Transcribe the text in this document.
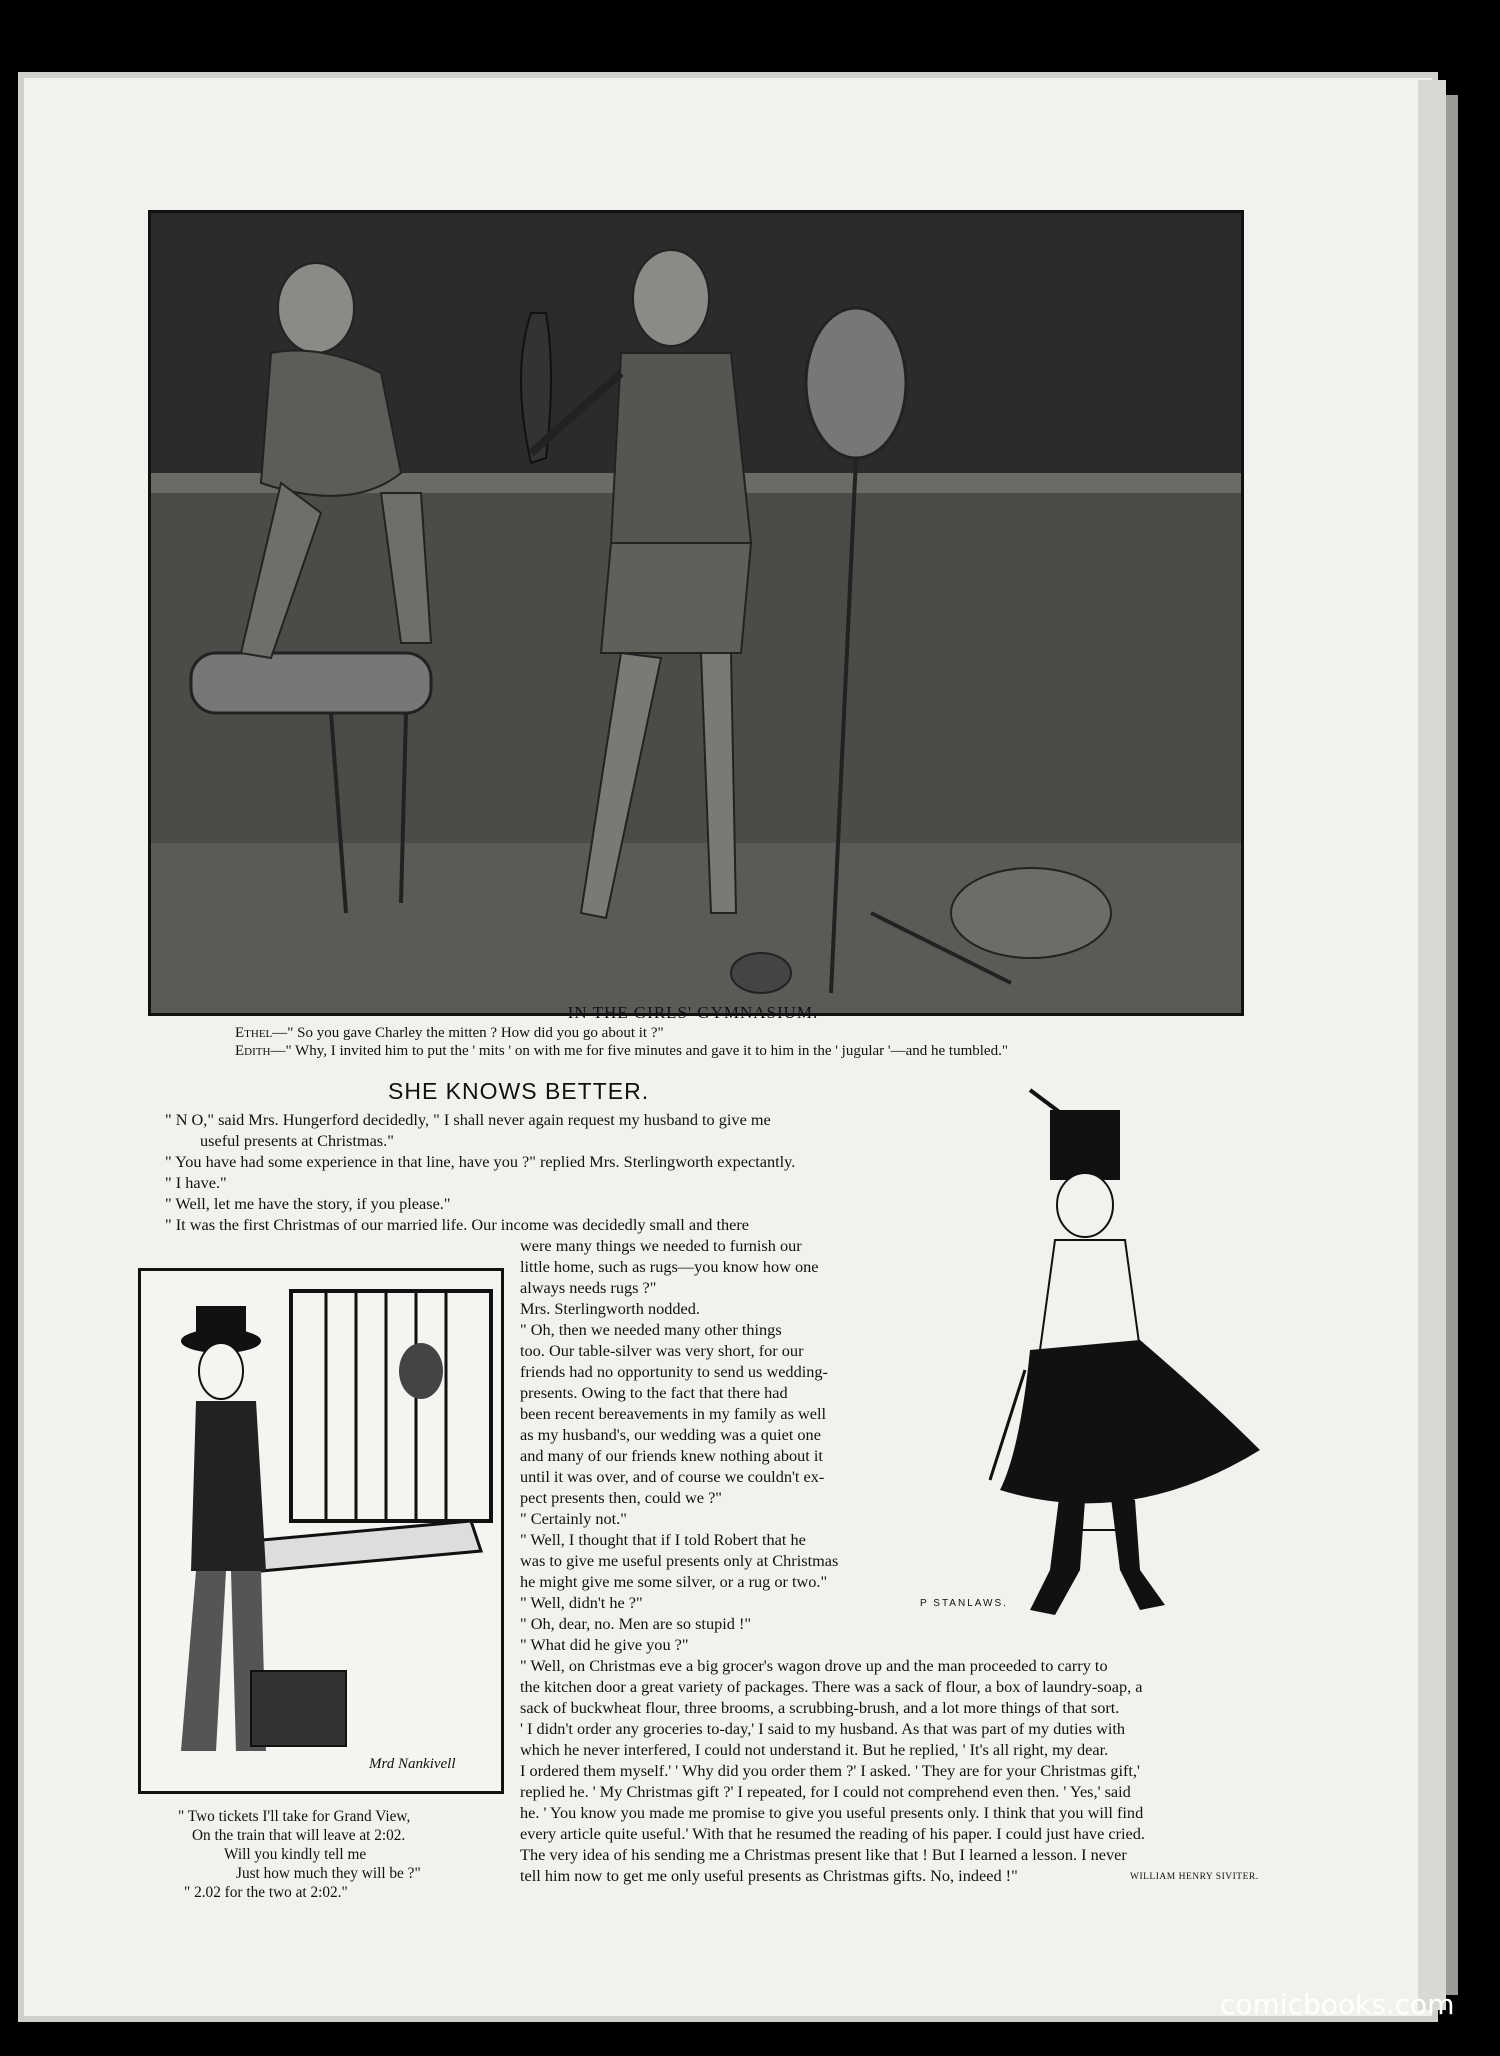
IN THE GIRLS' GYMNASIUM.
Ethel—" So you gave Charley the mitten ? How did you go about it ?"
Edith—" Why, I invited him to put the ' mits ' on with me for five minutes and gave it to him in the ' jugular '—and he tumbled."
SHE KNOWS BETTER.
" N O," said Mrs. Hungerford decidedly, " I shall never again request my husband to give me
useful presents at Christmas."
" You have had some experience in that line, have you ?" replied Mrs. Sterlingworth expectantly.
" I have."
" Well, let me have the story, if you please."
" It was the first Christmas of our married life. Our income was decidedly small and there
were many things we needed to furnish our
little home, such as rugs—you know how one
always needs rugs ?"
Mrs. Sterlingworth nodded.
" Oh, then we needed many other things
too. Our table-silver was very short, for our
friends had no opportunity to send us wedding-
presents. Owing to the fact that there had
been recent bereavements in my family as well
as my husband's, our wedding was a quiet one
and many of our friends knew nothing about it
until it was over, and of course we couldn't ex-
pect presents then, could we ?"
" Certainly not."
" Well, I thought that if I told Robert that he
was to give me useful presents only at Christmas
he might give me some silver, or a rug or two."
" Well, didn't he ?"
" Oh, dear, no. Men are so stupid !"
" What did he give you ?"
" Well, on Christmas eve a big grocer's wagon drove up and the man proceeded to carry to
the kitchen door a great variety of packages. There was a sack of flour, a box of laundry-soap, a
sack of buckwheat flour, three brooms, a scrubbing-brush, and a lot more things of that sort.
' I didn't order any groceries to-day,' I said to my husband. As that was part of my duties with
which he never interfered, I could not understand it. But he replied, ' It's all right, my dear.
I ordered them myself.' ' Why did you order them ?' I asked. ' They are for your Christmas gift,'
replied he. ' My Christmas gift ?' I repeated, for I could not comprehend even then. ' Yes,' said
he. ' You know you made me promise to give you useful presents only. I think that you will find
every article quite useful.' With that he resumed the reading of his paper. I could just have cried.
The very idea of his sending me a Christmas present like that ! But I learned a lesson. I never
tell him now to get me only useful presents as Christmas gifts. No, indeed !"	WILLIAM HENRY SIVITER.
Mrd Nankivell
" Two tickets I'll take for Grand View,
On the train that will leave at 2:02.
Will you kindly tell me
Just how much they will be ?"
" 2.02 for the two at 2:02."
P STANLAWS.
comicbooks.com
